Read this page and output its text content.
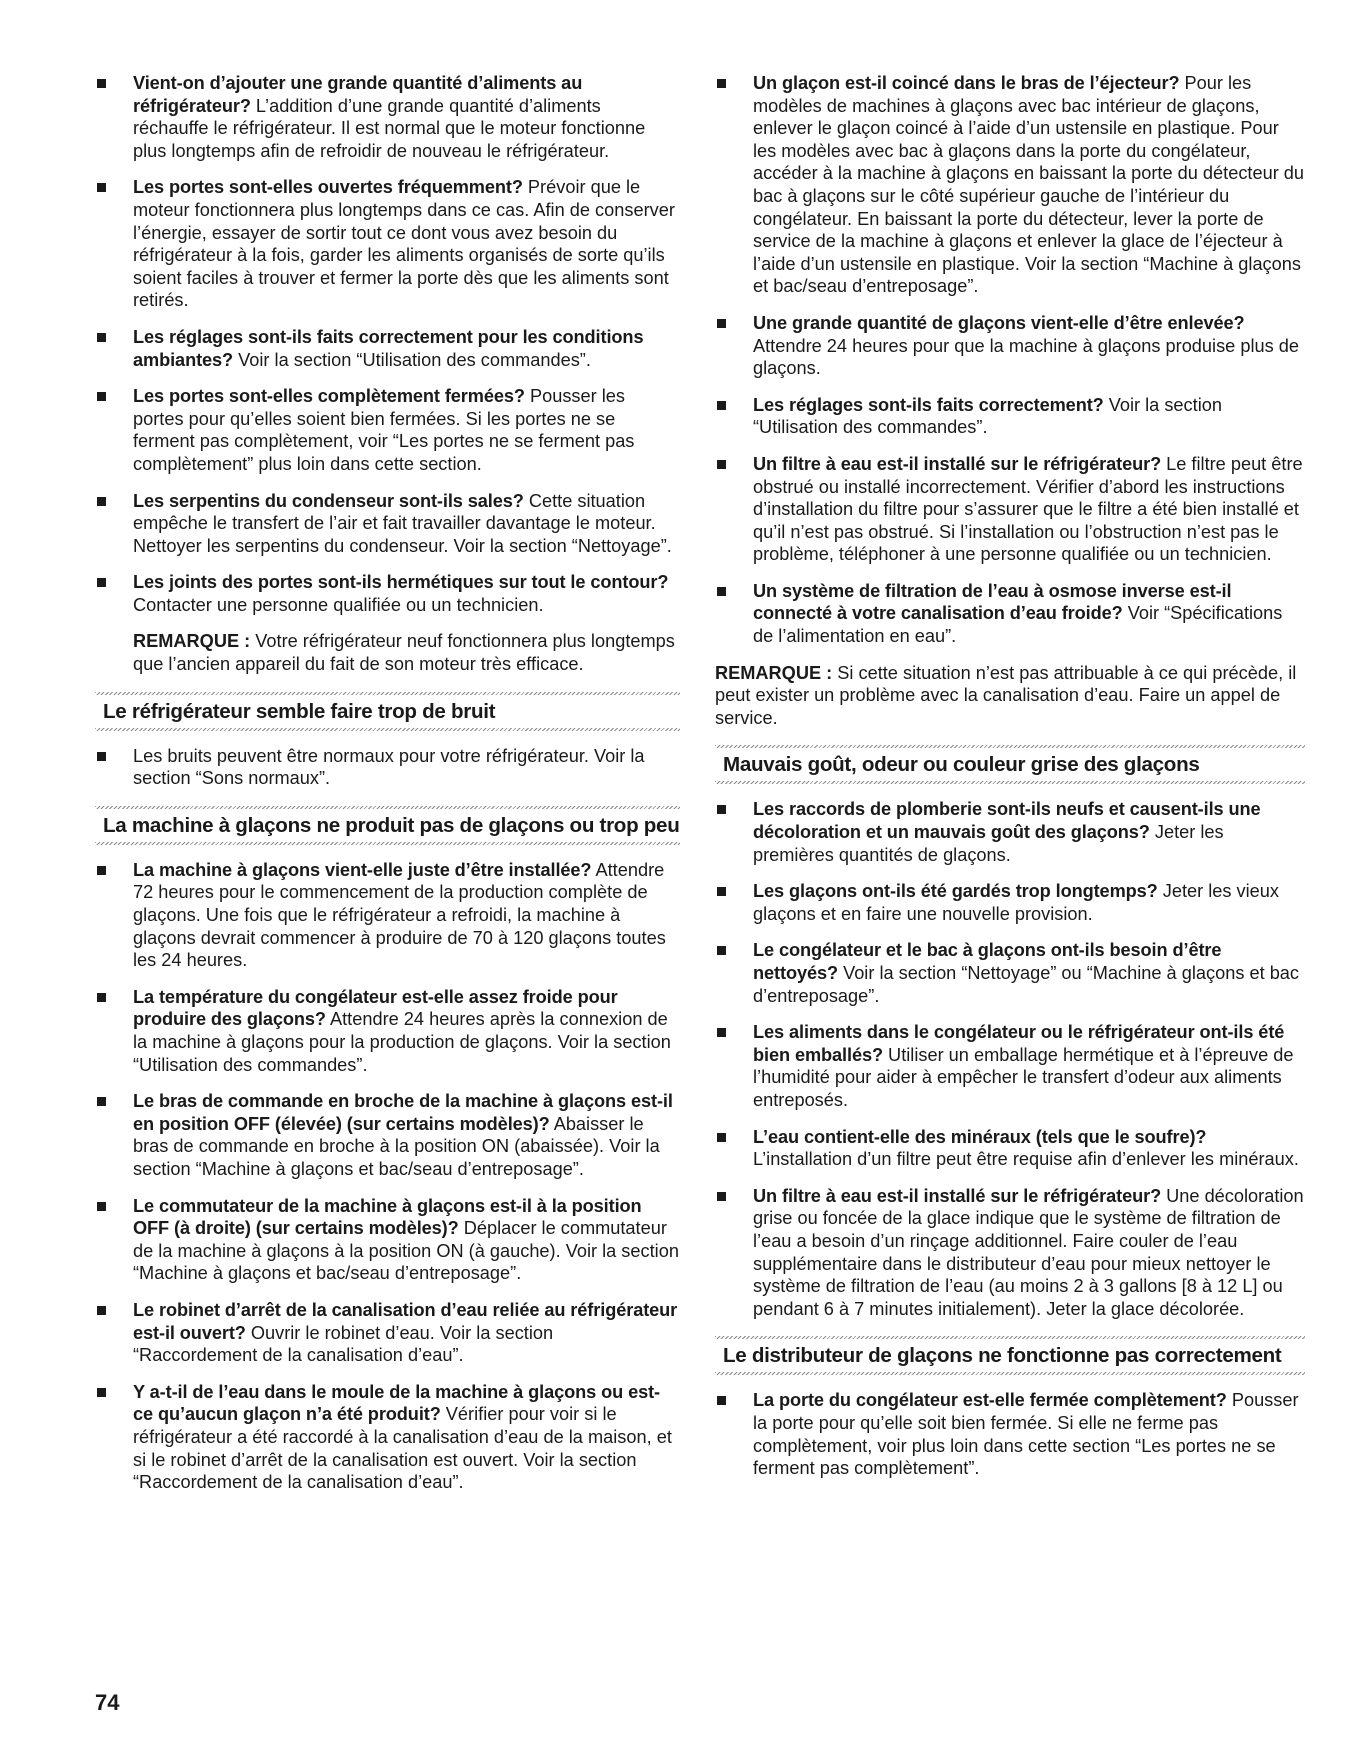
Vient-on d’ajouter une grande quantité d’aliments au réfrigérateur? L’addition d’une grande quantité d’aliments réchauffe le réfrigérateur. Il est normal que le moteur fonctionne plus longtemps afin de refroidir de nouveau le réfrigérateur.

Les portes sont-elles ouvertes fréquemment? Prévoir que le moteur fonctionnera plus longtemps dans ce cas. Afin de conserver l’énergie, essayer de sortir tout ce dont vous avez besoin du réfrigérateur à la fois, garder les aliments organisés de sorte qu’ils soient faciles à trouver et fermer la porte dès que les aliments sont retirés.

Les réglages sont-ils faits correctement pour les conditions ambiantes? Voir la section “Utilisation des commandes”.

Les portes sont-elles complètement fermées? Pousser les portes pour qu’elles soient bien fermées. Si les portes ne se ferment pas complètement, voir “Les portes ne se ferment pas complètement” plus loin dans cette section.

Les serpentins du condenseur sont-ils sales? Cette situation empêche le transfert de l’air et fait travailler davantage le moteur. Nettoyer les serpentins du condenseur. Voir la section “Nettoyage”.

Les joints des portes sont-ils hermétiques sur tout le contour? Contacter une personne qualifiée ou un technicien.

REMARQUE : Votre réfrigérateur neuf fonctionnera plus longtemps que l’ancien appareil du fait de son moteur très efficace.

Le réfrigérateur semble faire trop de bruit

Les bruits peuvent être normaux pour votre réfrigérateur. Voir la section “Sons normaux”.

La machine à glaçons ne produit pas de glaçons ou trop peu

La machine à glaçons vient-elle juste d’être installée? Attendre 72 heures pour le commencement de la production complète de glaçons. Une fois que le réfrigérateur a refroidi, la machine à glaçons devrait commencer à produire de 70 à 120 glaçons toutes les 24 heures.

La température du congélateur est-elle assez froide pour produire des glaçons? Attendre 24 heures après la connexion de la machine à glaçons pour la production de glaçons. Voir la section “Utilisation des commandes”.

Le bras de commande en broche de la machine à glaçons est-il en position OFF (élevée) (sur certains modèles)? Abaisser le bras de commande en broche à la position ON (abaissée). Voir la section “Machine à glaçons et bac/seau d’entreposage”.

Le commutateur de la machine à glaçons est-il à la position OFF (à droite) (sur certains modèles)? Déplacer le commutateur de la machine à glaçons à la position ON (à gauche). Voir la section “Machine à glaçons et bac/seau d’entreposage”.

Le robinet d’arrêt de la canalisation d’eau reliée au réfrigérateur est-il ouvert? Ouvrir le robinet d’eau. Voir la section “Raccordement de la canalisation d’eau”.

Y a-t-il de l’eau dans le moule de la machine à glaçons ou est-ce qu’aucun glaçon n’a été produit? Vérifier pour voir si le réfrigérateur a été raccordé à la canalisation d’eau de la maison, et si le robinet d’arrêt de la canalisation est ouvert. Voir la section “Raccordement de la canalisation d’eau”.

Un glaçon est-il coincé dans le bras de l’éjecteur? Pour les modèles de machines à glaçons avec bac intérieur de glaçons, enlever le glaçon coincé à l’aide d’un ustensile en plastique. Pour les modèles avec bac à glaçons dans la porte du congélateur, accéder à la machine à glaçons en baissant la porte du détecteur du bac à glaçons sur le côté supérieur gauche de l’intérieur du congélateur. En baissant la porte du détecteur, lever la porte de service de la machine à glaçons et enlever la glace de l’éjecteur à l’aide d’un ustensile en plastique. Voir la section “Machine à glaçons et bac/seau d’entreposage”.

Une grande quantité de glaçons vient-elle d’être enlevée? Attendre 24 heures pour que la machine à glaçons produise plus de glaçons.

Les réglages sont-ils faits correctement? Voir la section “Utilisation des commandes”.

Un filtre à eau est-il installé sur le réfrigérateur? Le filtre peut être obstrué ou installé incorrectement. Vérifier d’abord les instructions d’installation du filtre pour s’assurer que le filtre a été bien installé et qu’il n’est pas obstrué. Si l’installation ou l’obstruction n’est pas le problème, téléphoner à une personne qualifiée ou un technicien.

Un système de filtration de l’eau à osmose inverse est-il connecté à votre canalisation d’eau froide? Voir “Spécifications de l’alimentation en eau”.

REMARQUE : Si cette situation n’est pas attribuable à ce qui précède, il peut exister un problème avec la canalisation d’eau. Faire un appel de service.

Mauvais goût, odeur ou couleur grise des glaçons

Les raccords de plomberie sont-ils neufs et causent-ils une décoloration et un mauvais goût des glaçons? Jeter les premières quantités de glaçons.

Les glaçons ont-ils été gardés trop longtemps? Jeter les vieux glaçons et en faire une nouvelle provision.

Le congélateur et le bac à glaçons ont-ils besoin d’être nettoyés? Voir la section “Nettoyage” ou “Machine à glaçons et bac d’entreposage”.

Les aliments dans le congélateur ou le réfrigérateur ont-ils été bien emballés? Utiliser un emballage hermétique et à l’épreuve de l’humidité pour aider à empêcher le transfert d’odeur aux aliments entreposés.

L’eau contient-elle des minéraux (tels que le soufre)? L’installation d’un filtre peut être requise afin d’enlever les minéraux.

Un filtre à eau est-il installé sur le réfrigérateur? Une décoloration grise ou foncée de la glace indique que le système de filtration de l’eau a besoin d’un rinçage additionnel. Faire couler de l’eau supplémentaire dans le distributeur d’eau pour mieux nettoyer le système de filtration de l’eau (au moins 2 à 3 gallons [8 à 12 L] ou pendant 6 à 7 minutes initialement). Jeter la glace décolorée.

Le distributeur de glaçons ne fonctionne pas correctement

La porte du congélateur est-elle fermée complètement? Pousser la porte pour qu’elle soit bien fermée. Si elle ne ferme pas complètement, voir plus loin dans cette section “Les portes ne se ferment pas complètement”.

74
